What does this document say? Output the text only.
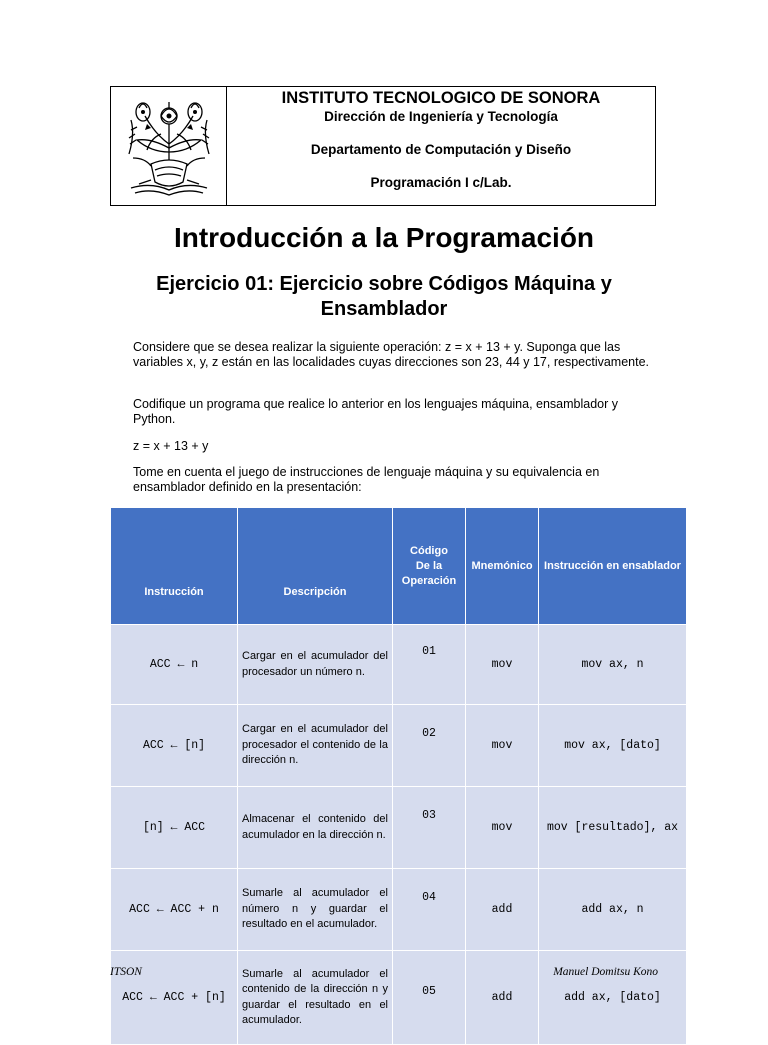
INSTITUTO TECNOLOGICO DE SONORA
Dirección de Ingeniería y Tecnología
Departamento de Computación y Diseño
Programación I c/Lab.
Introducción a la Programación
Ejercicio 01: Ejercicio sobre Códigos Máquina y Ensamblador

Considere que se desea realizar la siguiente operación: z = x + 13 + y. Suponga que las variables x, y, z están en las localidades cuyas direcciones son 23, 44 y 17, respectivamente.

Codifique un programa que realice lo anterior en los lenguajes máquina, ensamblador y Python.

z = x + 13 + y

Tome en cuenta el juego de instrucciones de lenguaje máquina y su equivalencia en ensamblador definido en la presentación:

Instrucción	Descripción	Código
De la
Operación	Mnemónico	Instrucción en ensablador
ACC ← n	Cargar en el acumulador del procesador un número n.	01	mov	mov ax, n
ACC ← [n]	Cargar en el acumulador del procesador el contenido de la dirección n.	02	mov	mov ax, [dato]
[n] ← ACC	Almacenar el contenido del acumulador en la dirección n.	03	mov	mov [resultado], ax
ACC ← ACC + n	Sumarle al acumulador el número n y guardar el resultado en el acumulador.	04	add	add ax, n
ACC ← ACC + [n]	Sumarle al acumulador el contenido de la dirección n y guardar el resultado en el acumulador.	05	add	add ax, [dato]
ITSON	Manuel Domitsu Kono
